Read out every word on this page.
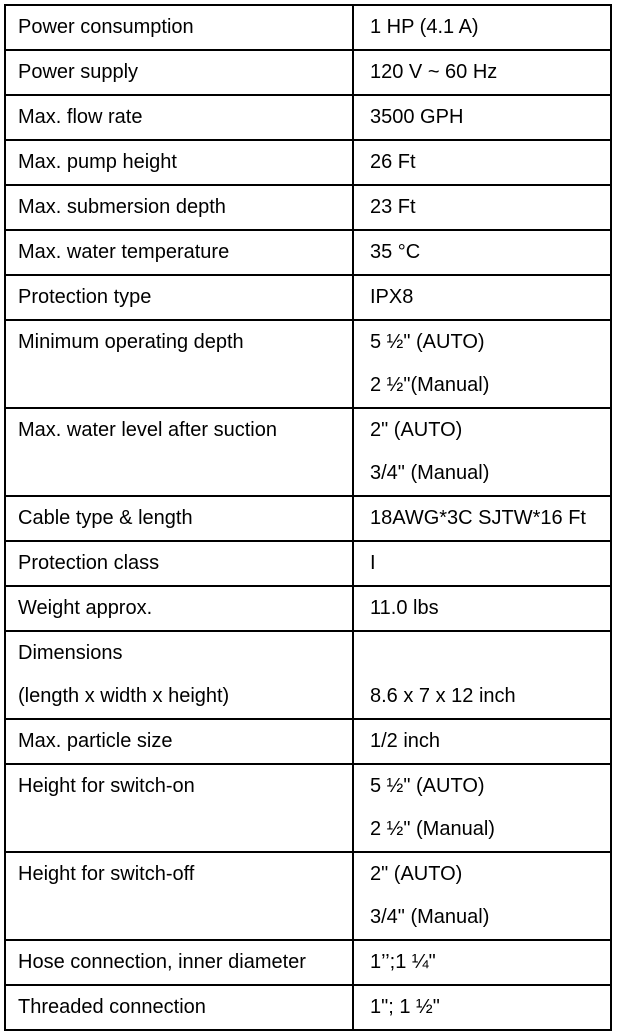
Power consumption	1 HP (4.1 A)

Power supply	120 V ~ 60 Hz

Max. flow rate	3500 GPH

Max. pump height	26 Ft

Max. submersion depth	23 Ft

Max. water temperature	35 °C

Protection type	IPX8

Minimum operating depth	5 ½" (AUTO)
2 ½"(Manual)

Max. water level after suction	2" (AUTO)
3/4" (Manual)

Cable type & length	18AWG*3C SJTW*16 Ft

Protection class	I

Weight approx.	11.0 lbs

Dimensions
(length x width x height)	8.6 x 7 x 12 inch

Max. particle size	1/2 inch

Height for switch-on	5 ½" (AUTO)
2 ½" (Manual)

Height for switch-off	2" (AUTO)
3/4" (Manual)

Hose connection, inner diameter	1’’;1 ¼"

Threaded connection	1"; 1 ½"
